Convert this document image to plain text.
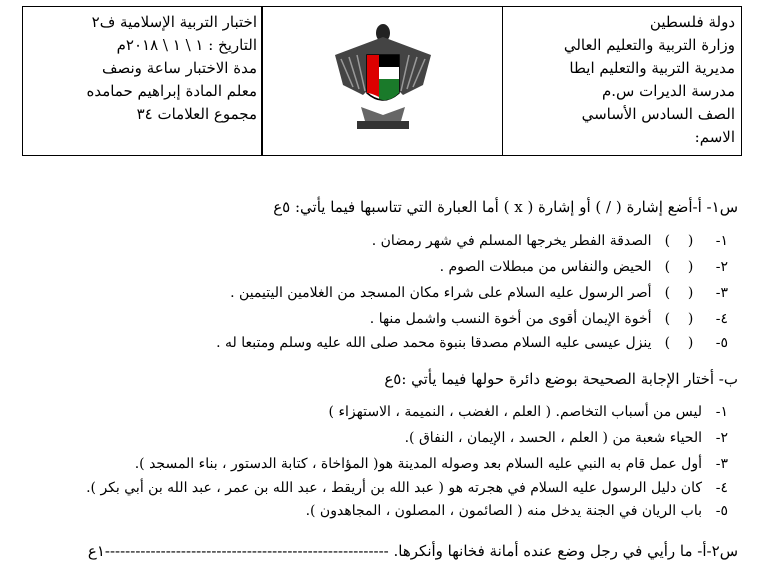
دولة فلسطين
وزارة التربية والتعليم العالي
مديرية التربية والتعليم ايطا
مدرسة الديرات س.م
الصف السادس الأساسي
الاسم:
اختبار التربية الإسلامية ف٢
التاريخ : ١ \ ١ \ ٢٠١٨م
مدة الاختبار ساعة ونصف
معلم المادة إبراهيم حمامده
مجموع العلامات ٣٤
س١- أ-أضع إشارة ( / ) أو إشارة ( x ) أما العبارة التي تتاسبها فيما يأتي: ٥ع
١-(    ) الصدقة الفطر يخرجها المسلم في شهر رمضان .
٢-(    ) الحيض والنفاس من مبطلات الصوم .
٣-(    ) أصر الرسول عليه السلام على شراء مكان المسجد من الغلامين اليتيمين .
٤-(    ) أخوة الإيمان أقوى من أخوة النسب واشمل منها .
٥-(    ) ينزل عيسى عليه السلام مصدقا بنبوة محمد صلى الله عليه وسلم ومتبعا له .
ب- أختار الإجابة الصحيحة بوضع دائرة حولها فيما يأتي :٥ع
١-ليس من أسباب التخاصم. ( العلم ، الغضب ، النميمة ، الاستهزاء )
٢-الحياء شعبة من ( العلم ، الحسد ، الإيمان ، النفاق ).
٣-أول عمل قام به النبي عليه السلام بعد وصوله المدينة هو( المؤاخاة ، كتابة الدستور ، بناء المسجد ).
٤-كان دليل الرسول عليه السلام في هجرته هو ( عبد الله بن أريقط ، عبد الله بن عمر ، عبد الله بن أبي بكر ).
٥-باب الريان في الجنة يدخل منه ( الصائمون ، المصلون ، المجاهدون ).
س٢-أ- ما رأيي في رجل وضع عنده أمانة فخانها وأنكرها. --------------------------------------------------------١ع
